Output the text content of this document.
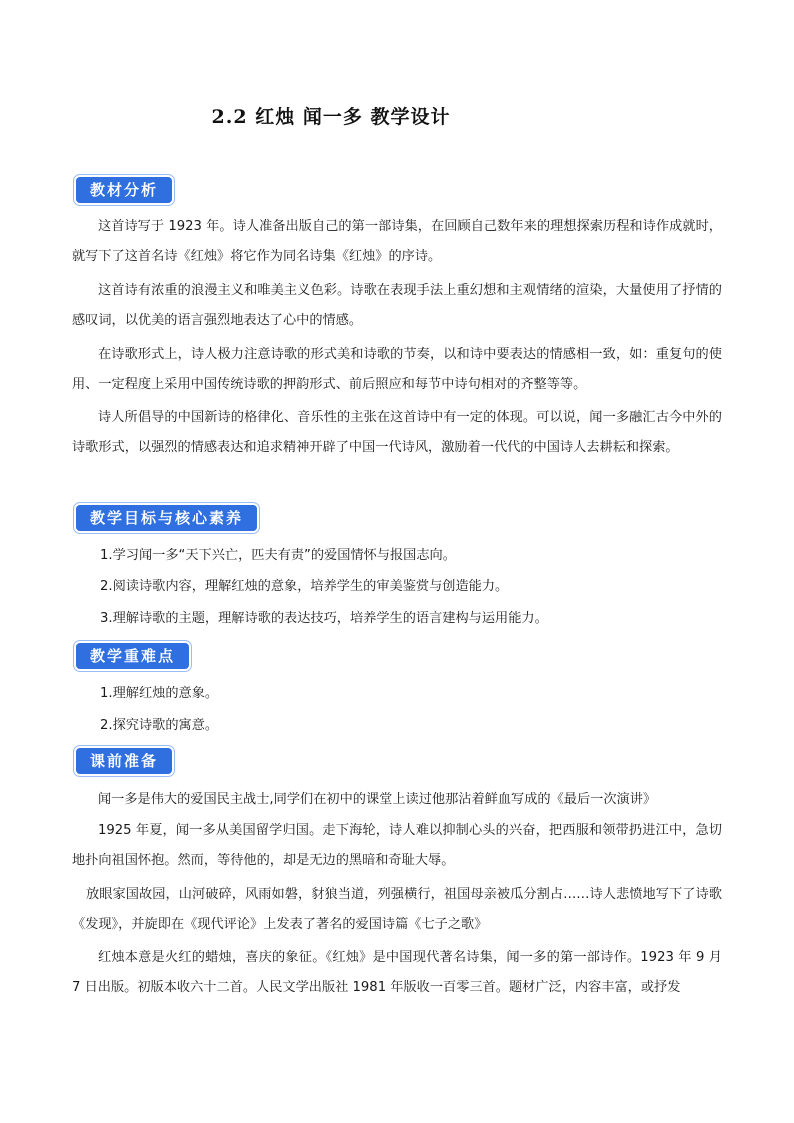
2.2 红烛 闻一多 教学设计
教材分析
这首诗写于 1923 年。诗人准备出版自己的第一部诗集，在回顾自己数年来的理想探索历程和诗作成就时，就写下了这首名诗《红烛》将它作为同名诗集《红烛》的序诗。
这首诗有浓重的浪漫主义和唯美主义色彩。诗歌在表现手法上重幻想和主观情绪的渲染，大量使用了抒情的感叹词，以优美的语言强烈地表达了心中的情感。
在诗歌形式上，诗人极力注意诗歌的形式美和诗歌的节奏，以和诗中要表达的情感相一致，如：重复句的使用、一定程度上采用中国传统诗歌的押韵形式、前后照应和每节中诗句相对的齐整等等。
诗人所倡导的中国新诗的格律化、音乐性的主张在这首诗中有一定的体现。可以说，闻一多融汇古今中外的诗歌形式，以强烈的情感表达和追求精神开辟了中国一代诗风，激励着一代代的中国诗人去耕耘和探索。
教学目标与核心素养
1.学习闻一多“天下兴亡，匹夫有责”的爱国情怀与报国志向。
2.阅读诗歌内容，理解红烛的意象，培养学生的审美鉴赏与创造能力。
3.理解诗歌的主题，理解诗歌的表达技巧，培养学生的语言建构与运用能力。
教学重难点
1.理解红烛的意象。
2.探究诗歌的寓意。
课前准备
闻一多是伟大的爱国民主战士,同学们在初中的课堂上读过他那沾着鲜血写成的《最后一次演讲》
1925 年夏，闻一多从美国留学归国。走下海轮，诗人难以抑制心头的兴奋，把西服和领带扔进江中，急切地扑向祖国怀抱。然而，等待他的，却是无边的黑暗和奇耻大辱。
放眼家国故园，山河破碎，风雨如磐，豺狼当道，列强横行，祖国母亲被瓜分割占……诗人悲愤地写下了诗歌《发现》，并旋即在《现代评论》上发表了著名的爱国诗篇《七子之歌》
红烛本意是火红的蜡烛，喜庆的象征。《红烛》是中国现代著名诗集，闻一多的第一部诗作。1923 年 9 月 7 日出版。初版本收六十二首。人民文学出版社 1981 年版收一百零三首。题材广泛，内容丰富，或抒发
